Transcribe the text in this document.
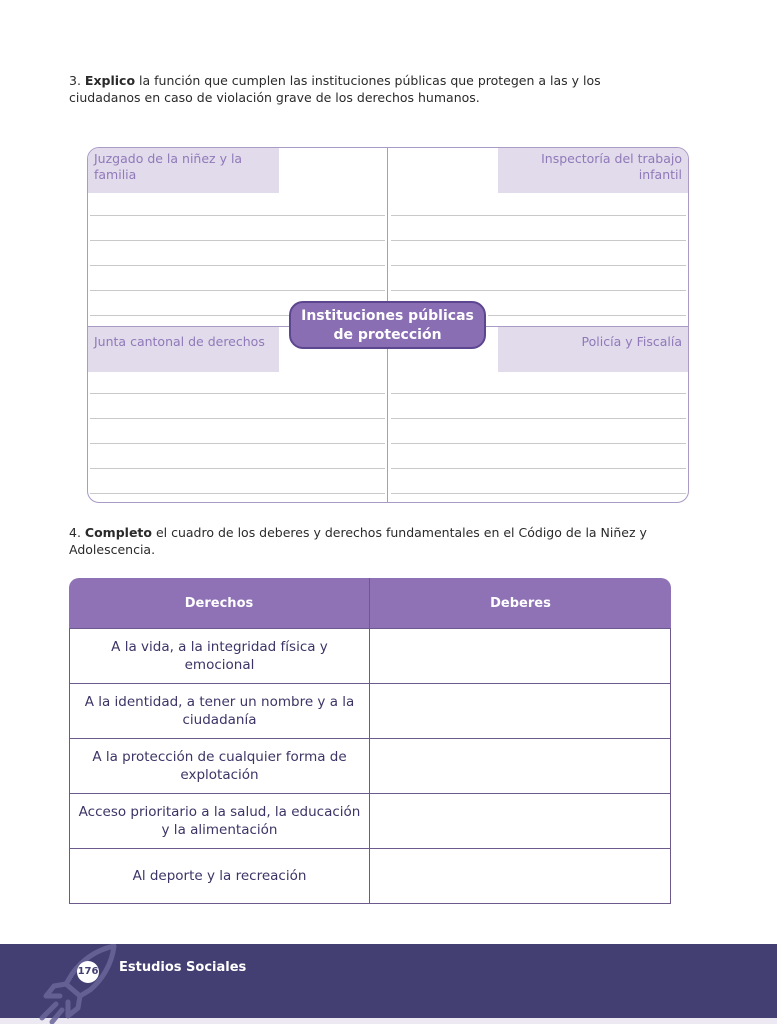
3. Explico la función que cumplen las instituciones públicas que protegen a las y los ciudadanos en caso de violación grave de los derechos humanos.
Juzgado de la niñez y la familia
Inspectoría del trabajo infantil
Junta cantonal de derechos	Policía y Fiscalía
Instituciones públicas
de protección
4. Completo el cuadro de los deberes y derechos fundamentales en el Código de la Niñez y Adolescencia.
Derechos	Deberes
A la vida, a la integridad física y emocional	
A la identidad, a tener un nombre y a la ciudadanía	
A la protección de cualquier forma de explotación	
Acceso prioritario a la salud, la educación y la alimentación	
Al deporte y la recreación	
176 Estudios Sociales
